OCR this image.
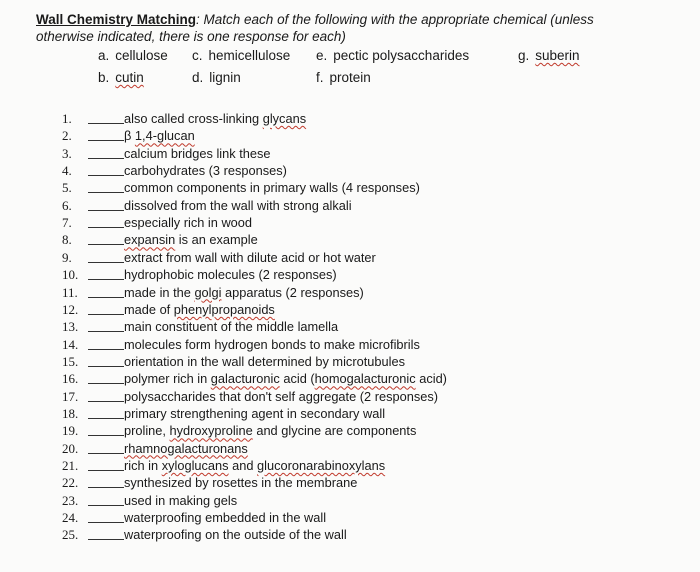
Wall Chemistry Matching: Match each of the following with the appropriate chemical (unless
otherwise indicated, there is one response for each)
a. cellulose c. hemicellulose e. pectic polysaccharides	g. suberin
b. cutin	d. lignin	f. protein
1.	also called cross-linking glycans
2.	β 1,4-glucan
3.	calcium bridges link these
4.	carbohydrates (3 responses)
5.	common components in primary walls (4 responses)
6.	dissolved from the wall with strong alkali
7.	especially rich in wood
8.	expansin is an example
9.	extract from wall with dilute acid or hot water
10.	hydrophobic molecules (2 responses)
11.	made in the golgi apparatus (2 responses)
12.	made of phenylpropanoids
13.	main constituent of the middle lamella
14.	molecules form hydrogen bonds to make microfibrils
15.	orientation in the wall determined by microtubules
16.	polymer rich in galacturonic acid (homogalacturonic acid)
17.	polysaccharides that don't self aggregate (2 responses)
18.	primary strengthening agent in secondary wall
19.	proline, hydroxyproline and glycine are components
20.	rhamnogalacturonans
21.	rich in xyloglucans and glucoronarabinoxylans
22.	synthesized by rosettes in the membrane
23.	used in making gels
24.	waterproofing embedded in the wall
25.	waterproofing on the outside of the wall
